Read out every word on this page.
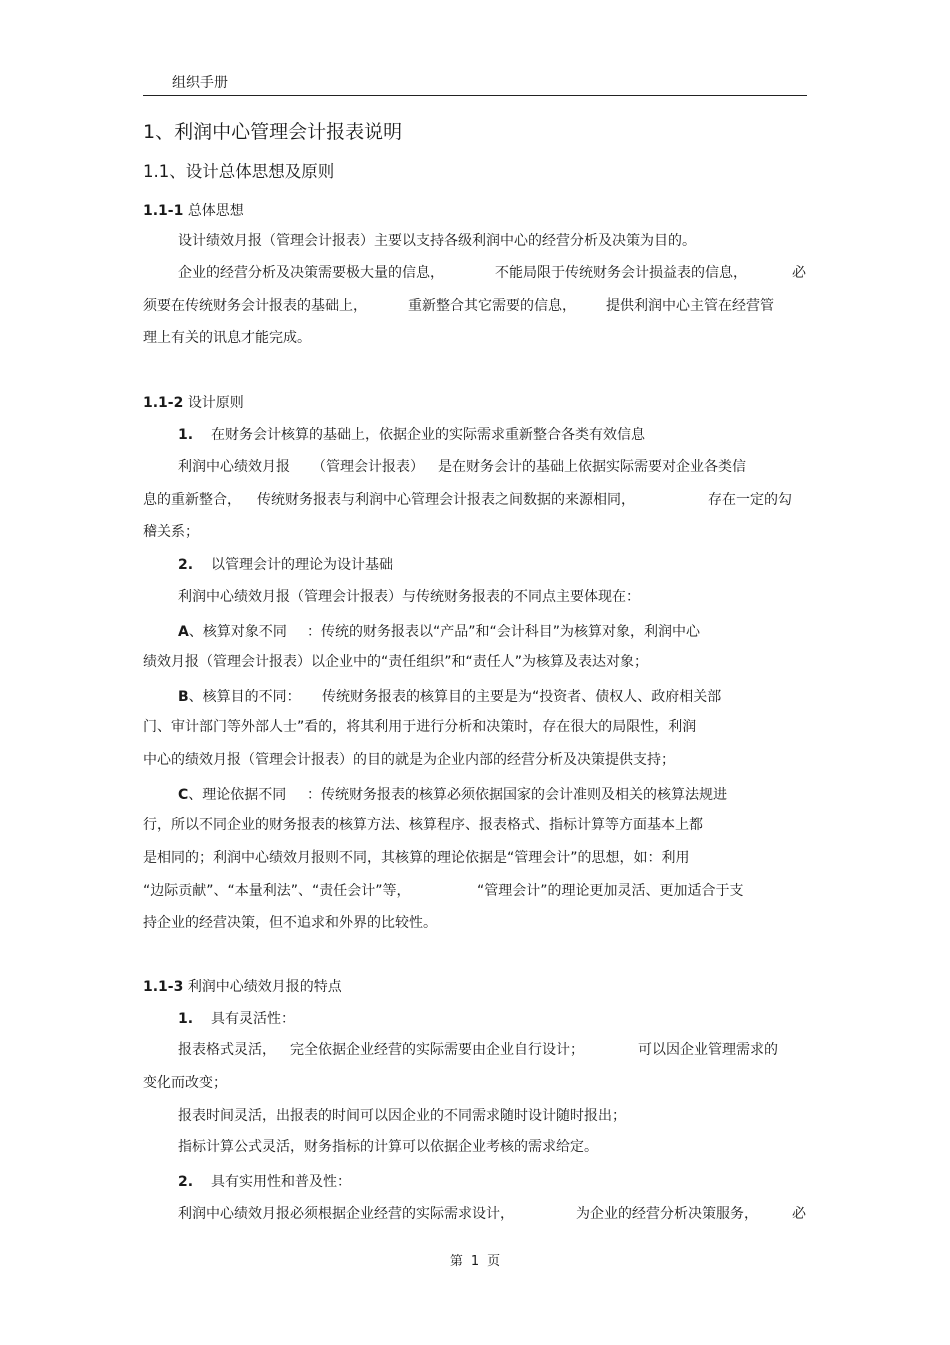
组织手册
1、利润中心管理会计报表说明
1.1、设计总体思想及原则
1.1-1 总体思想
设计绩效月报（管理会计报表）主要以支持各级利润中心的经营分析及决策为目的。
企业的经营分析及决策需要极大量的信息，	不能局限于传统财务会计损益表的信息，	必
须要在传统财务会计报表的基础上，	重新整合其它需要的信息， 提供利润中心主管在经营管
理上有关的讯息才能完成。
1.1-2 设计原则
1. 在财务会计核算的基础上，依据企业的实际需求重新整合各类有效信息
利润中心绩效月报 （管理会计报表） 是在财务会计的基础上依据实际需要对企业各类信
息的重新整合， 传统财务报表与利润中心管理会计报表之间数据的来源相同，	存在一定的勾
稽关系；
2. 以管理会计的理论为设计基础
利润中心绩效月报（管理会计报表）与传统财务报表的不同点主要体现在：
A、核算对象不同 ：传统的财务报表以“产品”和“会计科目”为核算对象，利润中心
绩效月报（管理会计报表）以企业中的“责任组织”和“责任人”为核算及表达对象；
B、核算目的不同： 传统财务报表的核算目的主要是为“投资者、债权人、政府相关部
门、审计部门等外部人士”看的，将其利用于进行分析和决策时，存在很大的局限性，利润
中心的绩效月报（管理会计报表）的目的就是为企业内部的经营分析及决策提供支持；
C、理论依据不同 ：传统财务报表的核算必须依据国家的会计准则及相关的核算法规进
行，所以不同企业的财务报表的核算方法、核算程序、报表格式、指标计算等方面基本上都
是相同的；利润中心绩效月报则不同，其核算的理论依据是“管理会计”的思想，如：利用
“边际贡献”、“本量利法”、“责任会计”等，	“管理会计”的理论更加灵活、更加适合于支
持企业的经营决策，但不追求和外界的比较性。
1.1-3 利润中心绩效月报的特点
1. 具有灵活性：
报表格式灵活， 完全依据企业经营的实际需要由企业自行设计；	可以因企业管理需求的
变化而改变；
报表时间灵活，出报表的时间可以因企业的不同需求随时设计随时报出；
指标计算公式灵活，财务指标的计算可以依据企业考核的需求给定。
2. 具有实用性和普及性：
利润中心绩效月报必须根据企业经营的实际需求设计，	为企业的经营分析决策服务， 必
第 1 页
